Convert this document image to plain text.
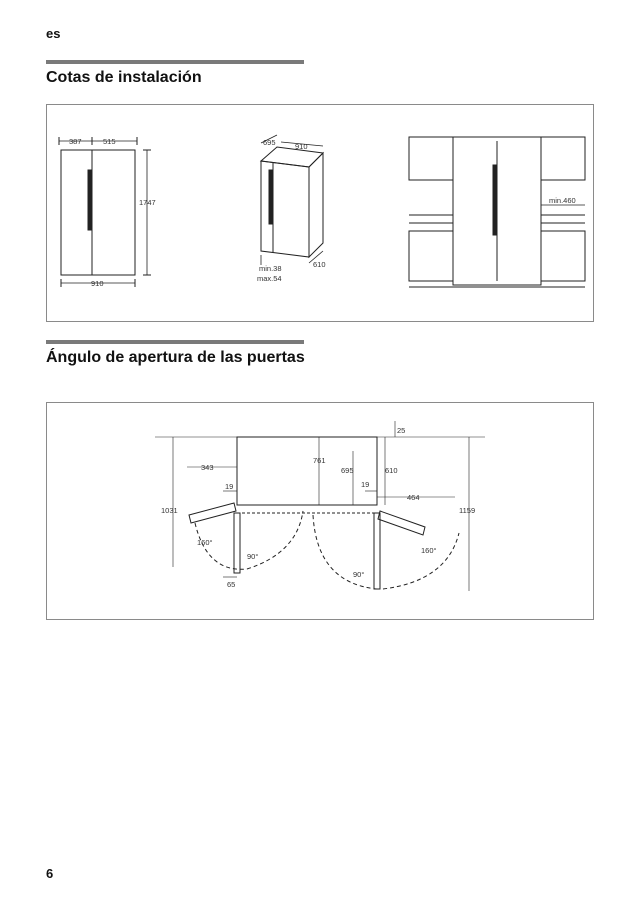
es
Cotas de instalación
387	515
1747
910
695	910
610
min.38
max.54
min.460
Ángulo de apertura de las puertas
25
343
761
695	610
19	19
464
1031	1159
160°
90°
65
160°
90°
6
